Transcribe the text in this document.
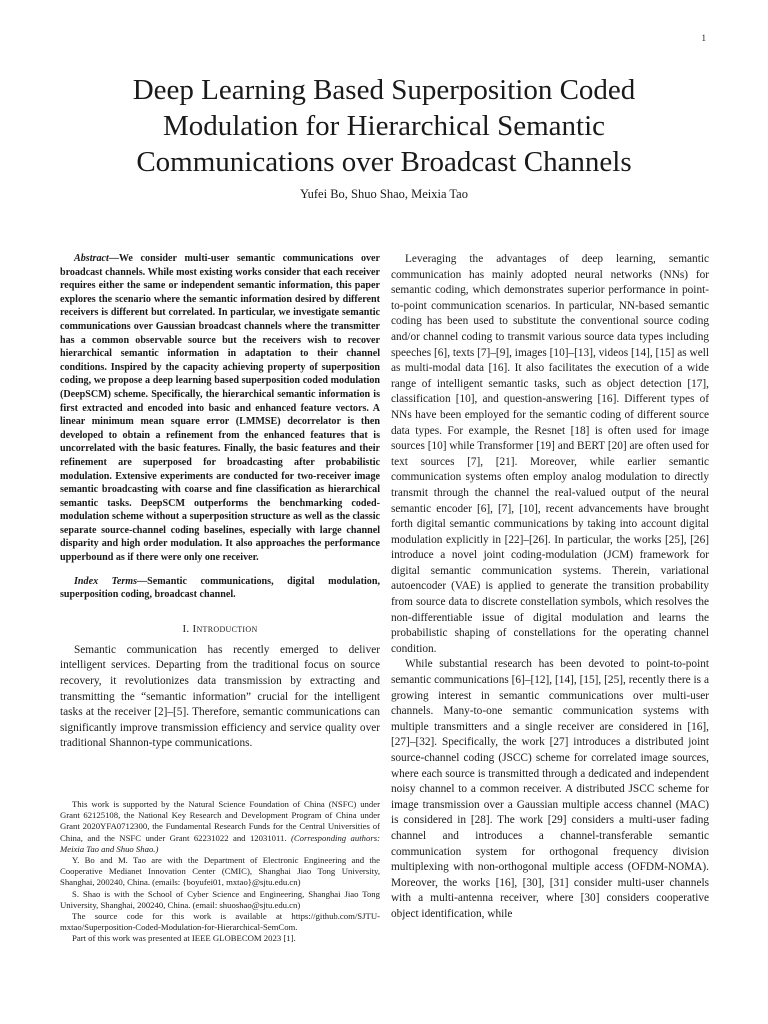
1
Deep Learning Based Superposition Coded
Modulation for Hierarchical Semantic
Communications over Broadcast Channels
Yufei Bo, Shuo Shao, Meixia Tao

Abstract—We consider multi-user semantic communications over broadcast channels. While most existing works consider that each receiver requires either the same or independent semantic information, this paper explores the scenario where the semantic information desired by different receivers is different but correlated. In particular, we investigate semantic communications over Gaussian broadcast channels where the transmitter has a common observable source but the receivers wish to recover hierarchical semantic information in adaptation to their channel conditions. Inspired by the capacity achieving property of superposition coding, we propose a deep learning based superposition coded modulation (DeepSCM) scheme. Specifically, the hierarchical semantic information is first extracted and encoded into basic and enhanced feature vectors. A linear minimum mean square error (LMMSE) decorrelator is then developed to obtain a refinement from the enhanced features that is uncorrelated with the basic features. Finally, the basic features and their refinement are superposed for broadcasting after probabilistic modulation. Extensive experiments are conducted for two-receiver image semantic broadcasting with coarse and fine classification as hierarchical semantic tasks. DeepSCM outperforms the benchmarking coded-modulation scheme without a superposition structure as well as the classic separate source-channel coding baselines, especially with large channel disparity and high order modulation. It also approaches the performance upperbound as if there were only one receiver.

Index Terms—Semantic communications, digital modulation, superposition coding, broadcast channel.

I. Introduction

Semantic communication has recently emerged to deliver intelligent services. Departing from the traditional focus on source recovery, it revolutionizes data transmission by extracting and transmitting the “semantic information” crucial for the intelligent tasks at the receiver [2]–[5]. Therefore, semantic communications can significantly improve transmission efficiency and service quality over traditional Shannon-type communications.

This work is supported by the Natural Science Foundation of China (NSFC) under Grant 62125108, the National Key Research and Development Program of China under Grant 2020YFA0712300, the Fundamental Research Funds for the Central Universities of China, and the NSFC under Grant 62231022 and 12031011. (Corresponding authors: Meixia Tao and Shuo Shao.)

Y. Bo and M. Tao are with the Department of Electronic Engineering and the Cooperative Medianet Innovation Center (CMIC), Shanghai Jiao Tong University, Shanghai, 200240, China. (emails: {boyufei01, mxtao}@sjtu.edu.cn)

S. Shao is with the School of Cyber Science and Engineering, Shanghai Jiao Tong University, Shanghai, 200240, China. (email: shuoshao@sjtu.edu.cn)

The source code for this work is available at https://github.com/SJTU-mxtao/Superposition-Coded-Modulation-for-Hierarchical-SemCom.

Part of this work was presented at IEEE GLOBECOM 2023 [1].

Leveraging the advantages of deep learning, semantic communication has mainly adopted neural networks (NNs) for semantic coding, which demonstrates superior performance in point-to-point communication scenarios. In particular, NN-based semantic coding has been used to substitute the conventional source coding and/or channel coding to transmit various source data types including speeches [6], texts [7]–[9], images [10]–[13], videos [14], [15] as well as multi-modal data [16]. It also facilitates the execution of a wide range of intelligent semantic tasks, such as object detection [17], classification [10], and question-answering [16]. Different types of NNs have been employed for the semantic coding of different source data types. For example, the Resnet [18] is often used for image sources [10] while Transformer [19] and BERT [20] are often used for text sources [7], [21]. Moreover, while earlier semantic communication systems often employ analog modulation to directly transmit through the channel the real-valued output of the neural semantic encoder [6], [7], [10], recent advancements have brought forth digital semantic communications by taking into account digital modulation explicitly in [22]–[26]. In particular, the works [25], [26] introduce a novel joint coding-modulation (JCM) framework for digital semantic communication systems. Therein, variational autoencoder (VAE) is applied to generate the transition probability from source data to discrete constellation symbols, which resolves the non-differentiable issue of digital modulation and learns the probabilistic shaping of constellations for the operating channel condition.

While substantial research has been devoted to point-to-point semantic communications [6]–[12], [14], [15], [25], recently there is a growing interest in semantic communications over multi-user channels. Many-to-one semantic communication systems with multiple transmitters and a single receiver are considered in [16], [27]–[32]. Specifically, the work [27] introduces a distributed joint source-channel coding (JSCC) scheme for correlated image sources, where each source is transmitted through a dedicated and independent noisy channel to a common receiver. A distributed JSCC scheme for image transmission over a Gaussian multiple access channel (MAC) is considered in [28]. The work [29] considers a multi-user fading channel and introduces a channel-transferable semantic communication system for orthogonal frequency division multiplexing with non-orthogonal multiple access (OFDM-NOMA). Moreover, the works [16], [30], [31] consider multi-user channels with a multi-antenna receiver, where [30] considers cooperative object identification, while
